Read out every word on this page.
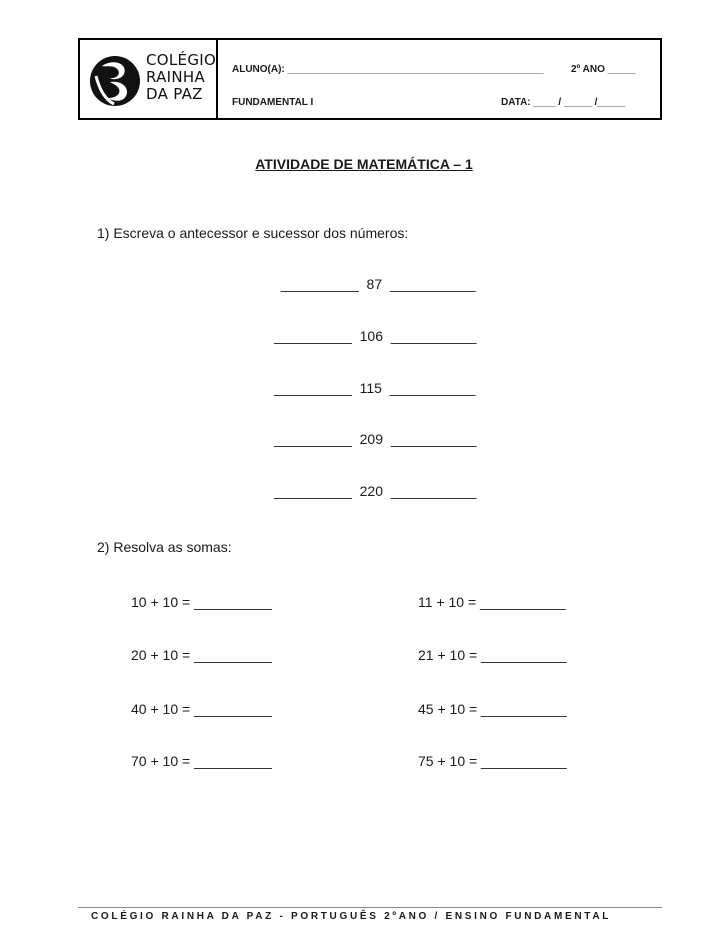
COLÉGIO
RAINHA
DA PAZ
ALUNO(A): ______________________________________________	2º ANO _____
FUNDAMENTAL I	DATA: ____ / _____ /_____
ATIVIDADE DE MATEMÁTICA – 1
1) Escreva o antecessor e sucessor dos números:
__________  87  ___________
__________  106  ___________
__________  115  ___________
__________  209  ___________
__________  220  ___________
2) Resolva as somas:
10 + 10 = __________
20 + 10 = __________
40 + 10 = __________
70 + 10 = __________
11 + 10 = ___________
21 + 10 = ___________
45 + 10 = ___________
75 + 10 = ___________
COLÉGIO RAINHA DA PAZ - PORTUGUÊS 2ºANO / ENSINO FUNDAMENTAL
